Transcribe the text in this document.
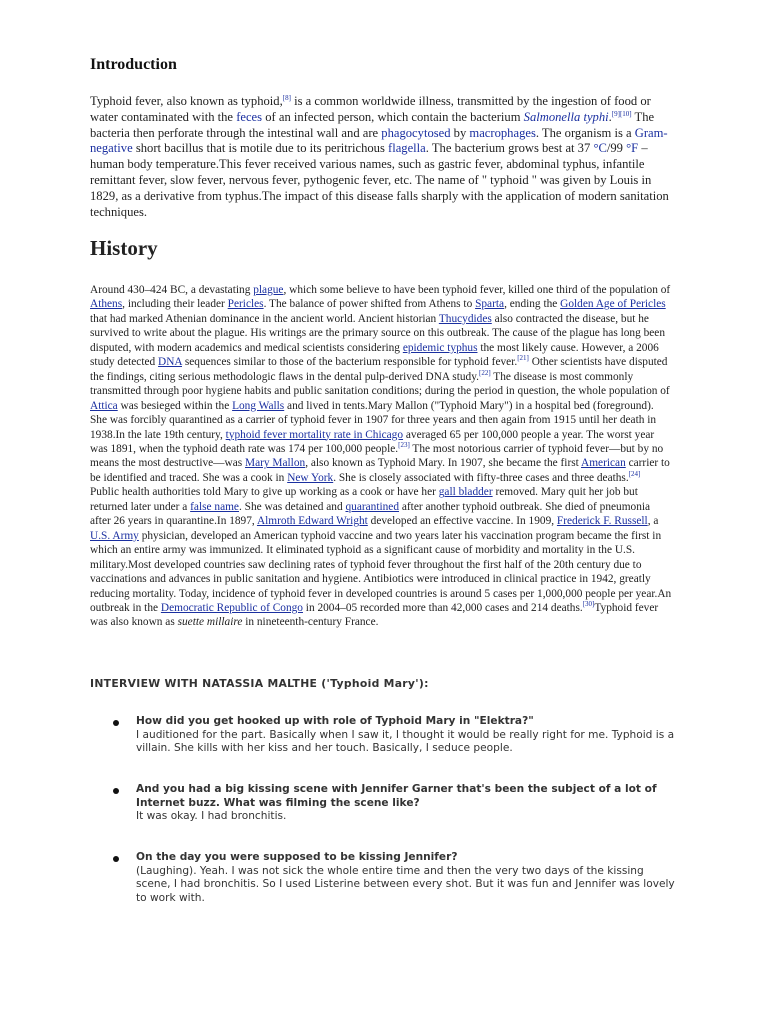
Introduction

Typhoid fever, also known as typhoid,[8] is a common worldwide illness, transmitted by the ingestion of food or water contaminated with the feces of an infected person, which contain the bacterium Salmonella typhi.[9][10] The bacteria then perforate through the intestinal wall and are phagocytosed by macrophages. The organism is a Gram-negative short bacillus that is motile due to its peritrichous flagella. The bacterium grows best at 37 °C/99 °F – human body temperature.This fever received various names, such as gastric fever, abdominal typhus, infantile remittant fever, slow fever, nervous fever, pythogenic fever, etc. The name of " typhoid " was given by Louis in 1829, as a derivative from typhus.The impact of this disease falls sharply with the application of modern sanitation techniques.

History

Around 430–424 BC, a devastating plague, which some believe to have been typhoid fever, killed one third of the population of Athens, including their leader Pericles. The balance of power shifted from Athens to Sparta, ending the Golden Age of Pericles that had marked Athenian dominance in the ancient world. Ancient historian Thucydides also contracted the disease, but he survived to write about the plague. His writings are the primary source on this outbreak. The cause of the plague has long been disputed, with modern academics and medical scientists considering epidemic typhus the most likely cause. However, a 2006 study detected DNA sequences similar to those of the bacterium responsible for typhoid fever.[21] Other scientists have disputed the findings, citing serious methodologic flaws in the dental pulp-derived DNA study.[22] The disease is most commonly transmitted through poor hygiene habits and public sanitation conditions; during the period in question, the whole population of Attica was besieged within the Long Walls and lived in tents.Mary Mallon ("Typhoid Mary") in a hospital bed (foreground). She was forcibly quarantined as a carrier of typhoid fever in 1907 for three years and then again from 1915 until her death in 1938.In the late 19th century, typhoid fever mortality rate in Chicago averaged 65 per 100,000 people a year. The worst year was 1891, when the typhoid death rate was 174 per 100,000 people.[23] The most notorious carrier of typhoid fever—but by no means the most destructive—was Mary Mallon, also known as Typhoid Mary. In 1907, she became the first American carrier to be identified and traced. She was a cook in New York. She is closely associated with fifty-three cases and three deaths.[24] Public health authorities told Mary to give up working as a cook or have her gall bladder removed. Mary quit her job but returned later under a false name. She was detained and quarantined after another typhoid outbreak. She died of pneumonia after 26 years in quarantine.In 1897, Almroth Edward Wright developed an effective vaccine. In 1909, Frederick F. Russell, a U.S. Army physician, developed an American typhoid vaccine and two years later his vaccination program became the first in which an entire army was immunized. It eliminated typhoid as a significant cause of morbidity and mortality in the U.S. military.Most developed countries saw declining rates of typhoid fever throughout the first half of the 20th century due to vaccinations and advances in public sanitation and hygiene. Antibiotics were introduced in clinical practice in 1942, greatly reducing mortality. Today, incidence of typhoid fever in developed countries is around 5 cases per 1,000,000 people per year.An outbreak in the Democratic Republic of Congo in 2004–05 recorded more than 42,000 cases and 214 deaths.[30]Typhoid fever was also known as suette millaire in nineteenth-century France.

INTERVIEW WITH NATASSIA MALTHE ('Typhoid Mary'):
How did you get hooked up with role of Typhoid Mary in "Elektra?"
I auditioned for the part. Basically when I saw it, I thought it would be really right for me. Typhoid is a villain. She kills with her kiss and her touch. Basically, I seduce people.
And you had a big kissing scene with Jennifer Garner that's been the subject of a lot of Internet buzz. What was filming the scene like?
It was okay. I had bronchitis.
On the day you were supposed to be kissing Jennifer?
(Laughing). Yeah. I was not sick the whole entire time and then the very two days of the kissing scene, I had bronchitis. So I used Listerine between every shot. But it was fun and Jennifer was lovely to work with.
